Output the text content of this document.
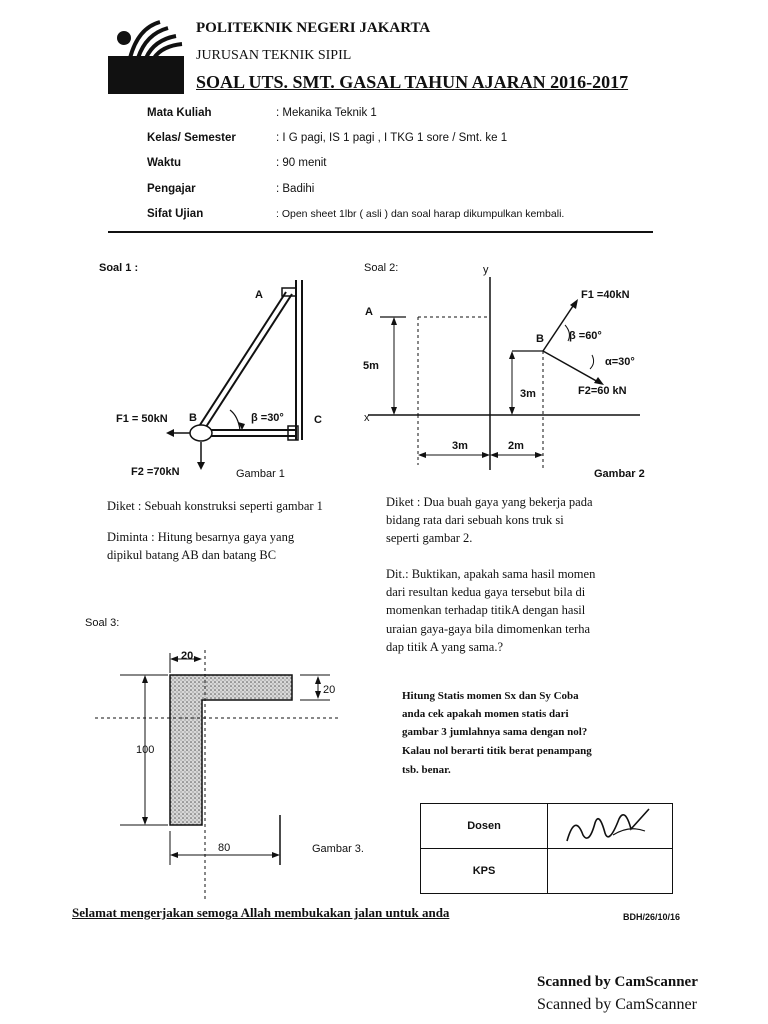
POLITEKNIK NEGERI JAKARTA
JURUSAN TEKNIK SIPIL
SOAL UTS. SMT. GASAL TAHUN AJARAN 2016-2017
Mata Kuliah	: Mekanika Teknik 1
Kelas/ Semester	: I G pagi, IS 1 pagi , I TKG 1 sore / Smt. ke 1
Waktu	: 90 menit
Pengajar	: Badihi
Sifat Ujian	: Open sheet 1lbr ( asli ) dan soal harap dikumpulkan kembali.
Soal 1 :
A
B	C
β =30°
F1 = 50kN
F2 =70kN	Gambar 1
Diket : Sebuah konstruksi seperti gambar 1
Diminta : Hitung besarnya gaya yang
dipikul batang AB dan batang BC
Soal 2:	y
A
x
B
F1 =40kN
β =60°
α=30°
F2=60 kN
5m
3m
3m	2m
Gambar 2
Diket : Dua buah gaya yang bekerja pada
bidang rata dari sebuah kons truk si
seperti gambar 2.
Dit.: Buktikan, apakah sama hasil momen
dari resultan kedua gaya tersebut bila di
momenkan terhadap titikA dengan hasil
uraian gaya-gaya bila dimomenkan terha
dap titik A yang sama.?
Soal 3:
20
20
100
80	Gambar 3.
Hitung Statis momen Sx dan Sy Coba
anda cek apakah momen statis dari
gambar 3 jumlahnya sama dengan nol?
Kalau nol berarti titik berat penampang
tsb. benar.
Dosen	

KPS	
Selamat mengerjakan semoga Allah membukakan jalan untuk anda	BDH/26/10/16
Scanned by CamScanner
Scanned by CamScanner
